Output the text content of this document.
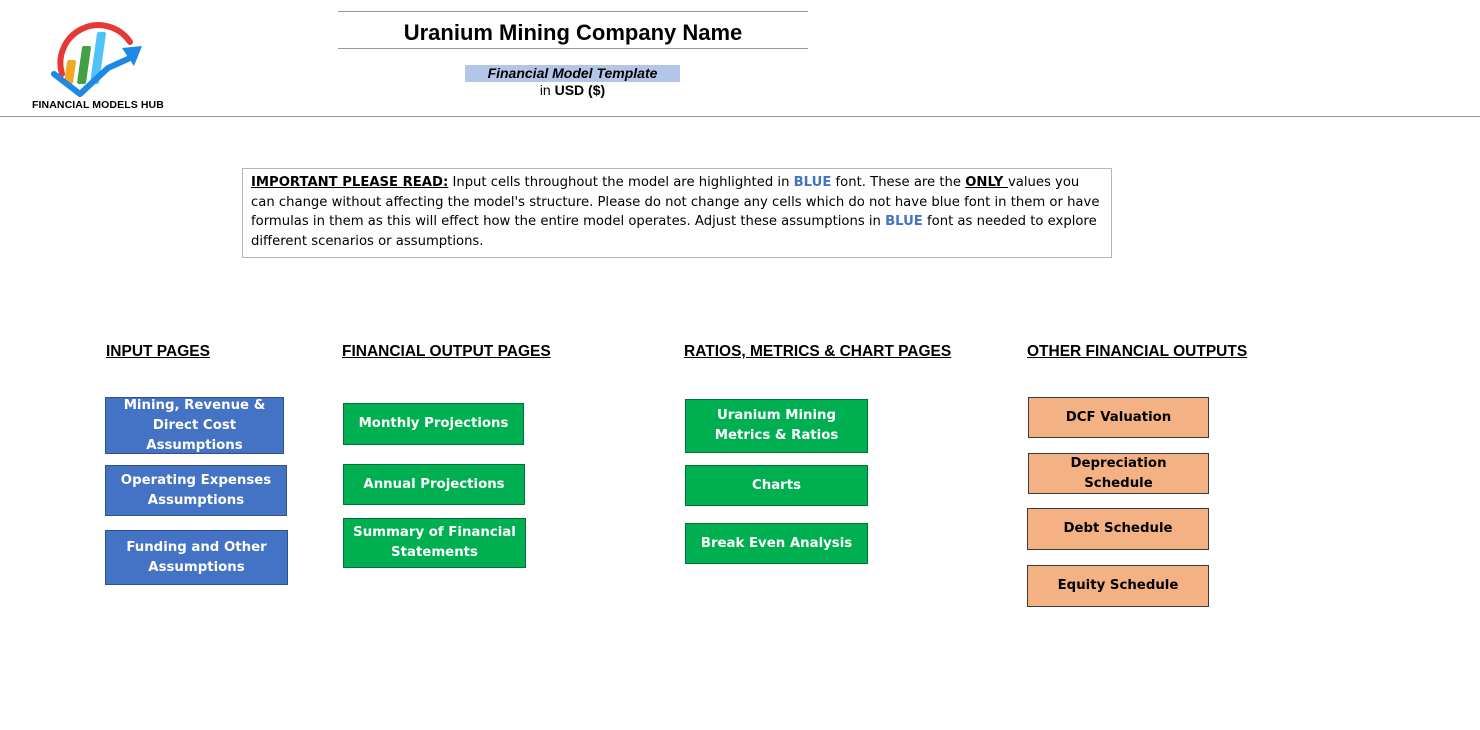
FINANCIAL MODELS HUB
Uranium Mining Company Name
Financial Model Template
in USD ($)
IMPORTANT PLEASE READ: Input cells throughout the model are highlighted in BLUE font. These are the ONLY values you can change without affecting the model's structure. Please do not change any cells which do not have blue font in them or have formulas in them as this will effect how the entire model operates. Adjust these assumptions in BLUE font as needed to explore different scenarios or assumptions.
INPUT PAGES	FINANCIAL OUTPUT PAGES	RATIOS, METRICS & CHART PAGES	OTHER FINANCIAL OUTPUTS
Mining, Revenue & Direct Cost Assumptions
Operating Expenses Assumptions
Funding and Other Assumptions
Monthly Projections
Annual Projections
Summary of Financial Statements
Uranium Mining Metrics & Ratios
Charts
Break Even Analysis
DCF Valuation
Depreciation Schedule
Debt Schedule
Equity Schedule
